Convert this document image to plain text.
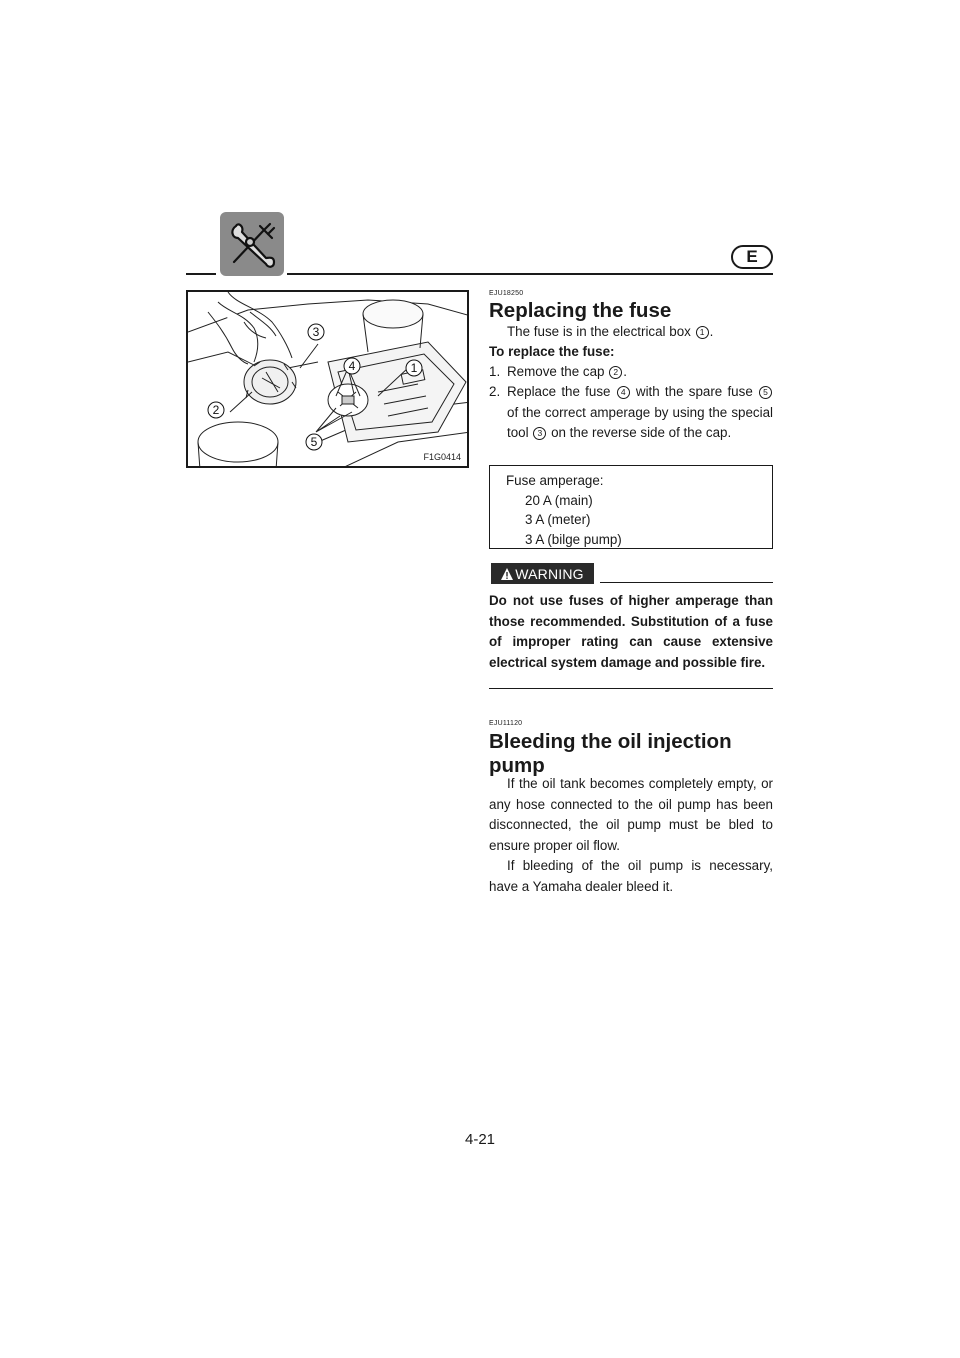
E
1
2
3
4
5
F1G0414
EJU18250
Replacing the fuse
The fuse is in the electrical box 1 .
To replace the fuse:
1. Remove the cap 2 .
2. Replace the fuse 4 with the spare fuse 5 of the correct amperage by using the special tool 3 on the reverse side of the cap.
Fuse amperage:
20 A (main)
3 A (meter)
3 A (bilge pump)
WARNING
Do not use fuses of higher amperage than those recommended. Substitution of a fuse of improper rating can cause extensive electrical system damage and possible fire.
EJU11120
Bleeding the oil injection
pump
If the oil tank becomes completely empty, or any hose connected to the oil pump has been disconnected, the oil pump must be bled to ensure proper oil flow.
If bleeding of the oil pump is necessary, have a Yamaha dealer bleed it.
4-21
